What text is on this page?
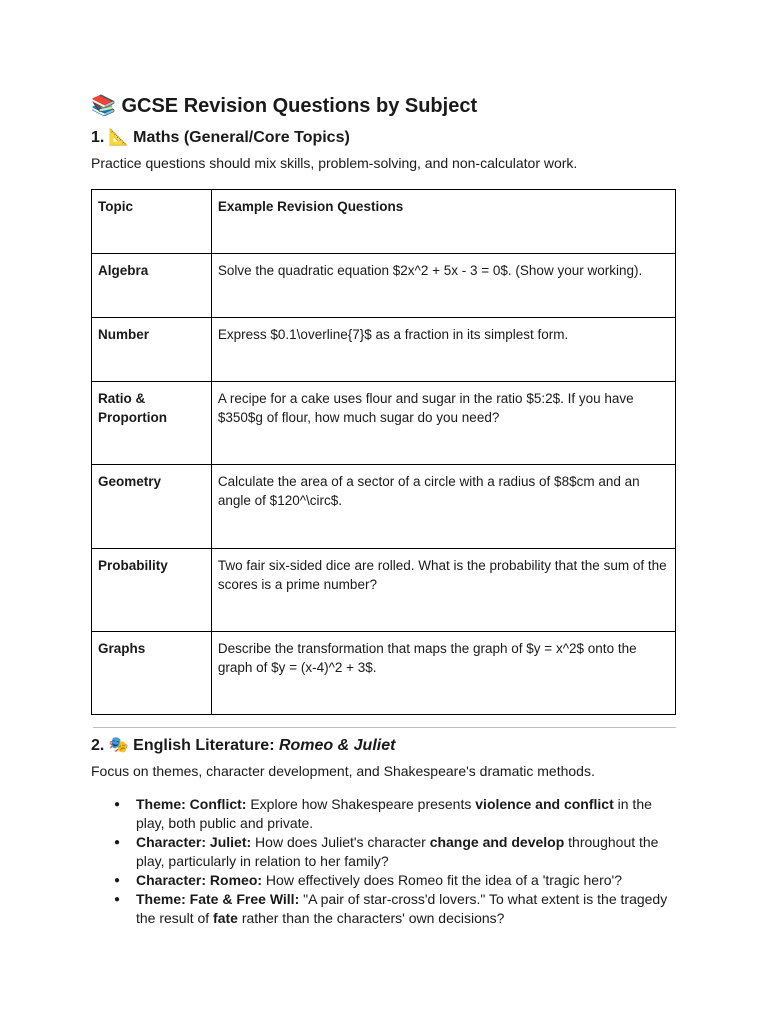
📚 GCSE Revision Questions by Subject
1. 📐 Maths (General/Core Topics)
Practice questions should mix skills, problem-solving, and non-calculator work.
Topic	Example Revision Questions
Algebra	Solve the quadratic equation $2x^2 + 5x - 3 = 0$. (Show your working).
Number	Express $0.1\overline{7}$ as a fraction in its simplest form.
Ratio & Proportion	A recipe for a cake uses flour and sugar in the ratio $5:2$. If you have $350$g of flour, how much sugar do you need?
Geometry	Calculate the area of a sector of a circle with a radius of $8$cm and an angle of $120^\circ$.
Probability	Two fair six-sided dice are rolled. What is the probability that the sum of the scores is a prime number?
Graphs	Describe the transformation that maps the graph of $y = x^2$ onto the graph of $y = (x-4)^2 + 3$.
2. 🎭 English Literature: Romeo & Juliet
Focus on themes, character development, and Shakespeare's dramatic methods.
● Theme: Conflict: Explore how Shakespeare presents violence and conflict in the play, both public and private.
● Character: Juliet: How does Juliet's character change and develop throughout the play, particularly in relation to her family?
● Character: Romeo: How effectively does Romeo fit the idea of a 'tragic hero'?
● Theme: Fate & Free Will: "A pair of star-cross'd lovers." To what extent is the tragedy the result of fate rather than the characters' own decisions?
